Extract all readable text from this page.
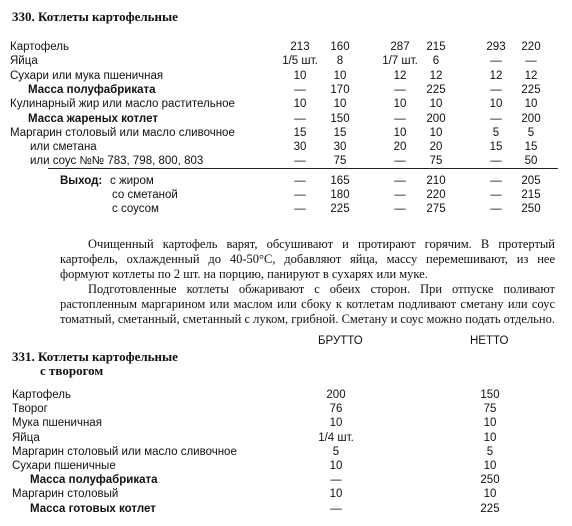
330. Котлеты картофельные
Картофель	213	160	287	215	293	220
Яйца	1/5 шт.	8	1/7 шт.	6	—	—
Сухари или мука пшеничная	10	10	12	12	12	12
Масса полуфабриката	—	170	—	225	—	225
Кулинарный жир или масло растительное	10	10	10	10	10	10
Масса жареных котлет	—	150	—	200	—	200
Маргарин столовый или масло сливочное	15	15	10	10	5	5
или сметана	30	30	20	20	15	15
или соус №№ 783, 798, 800, 803	—	75	—	75	—	50
Выход: с жиром	—	165	—	210	—	205
со сметаной	—	180	—	220	—	215
с соусом	—	225	—	275	—	250
Очищенный картофель варят, обсушивают и протирают горячим. В протертый картофель, охлажденный до 40-50°С, добавляют яйца, массу перемешивают, из нее формуют котлеты по 2 шт. на порцию, панируют в сухарях или муке.
Подготовленные котлеты обжаривают с обеих сторон. При отпуске поливают растопленным маргарином или маслом или сбоку к котлетам подливают сметану или соус томатный, сметанный, сметанный с луком, грибной. Сметану и соус можно подать отдельно.
БРУТТО	НЕТТО
331. Котлеты картофельные
с творогом
Картофель	200	150
Творог	76	75
Мука пшеничная	10	10
Яйца	1/4 шт.	10
Маргарин столовый или масло сливочное	5	5
Сухари пшеничные	10	10
Масса полуфабриката	—	250
Маргарин столовый	10	10
Масса готовых котлет	—	225
